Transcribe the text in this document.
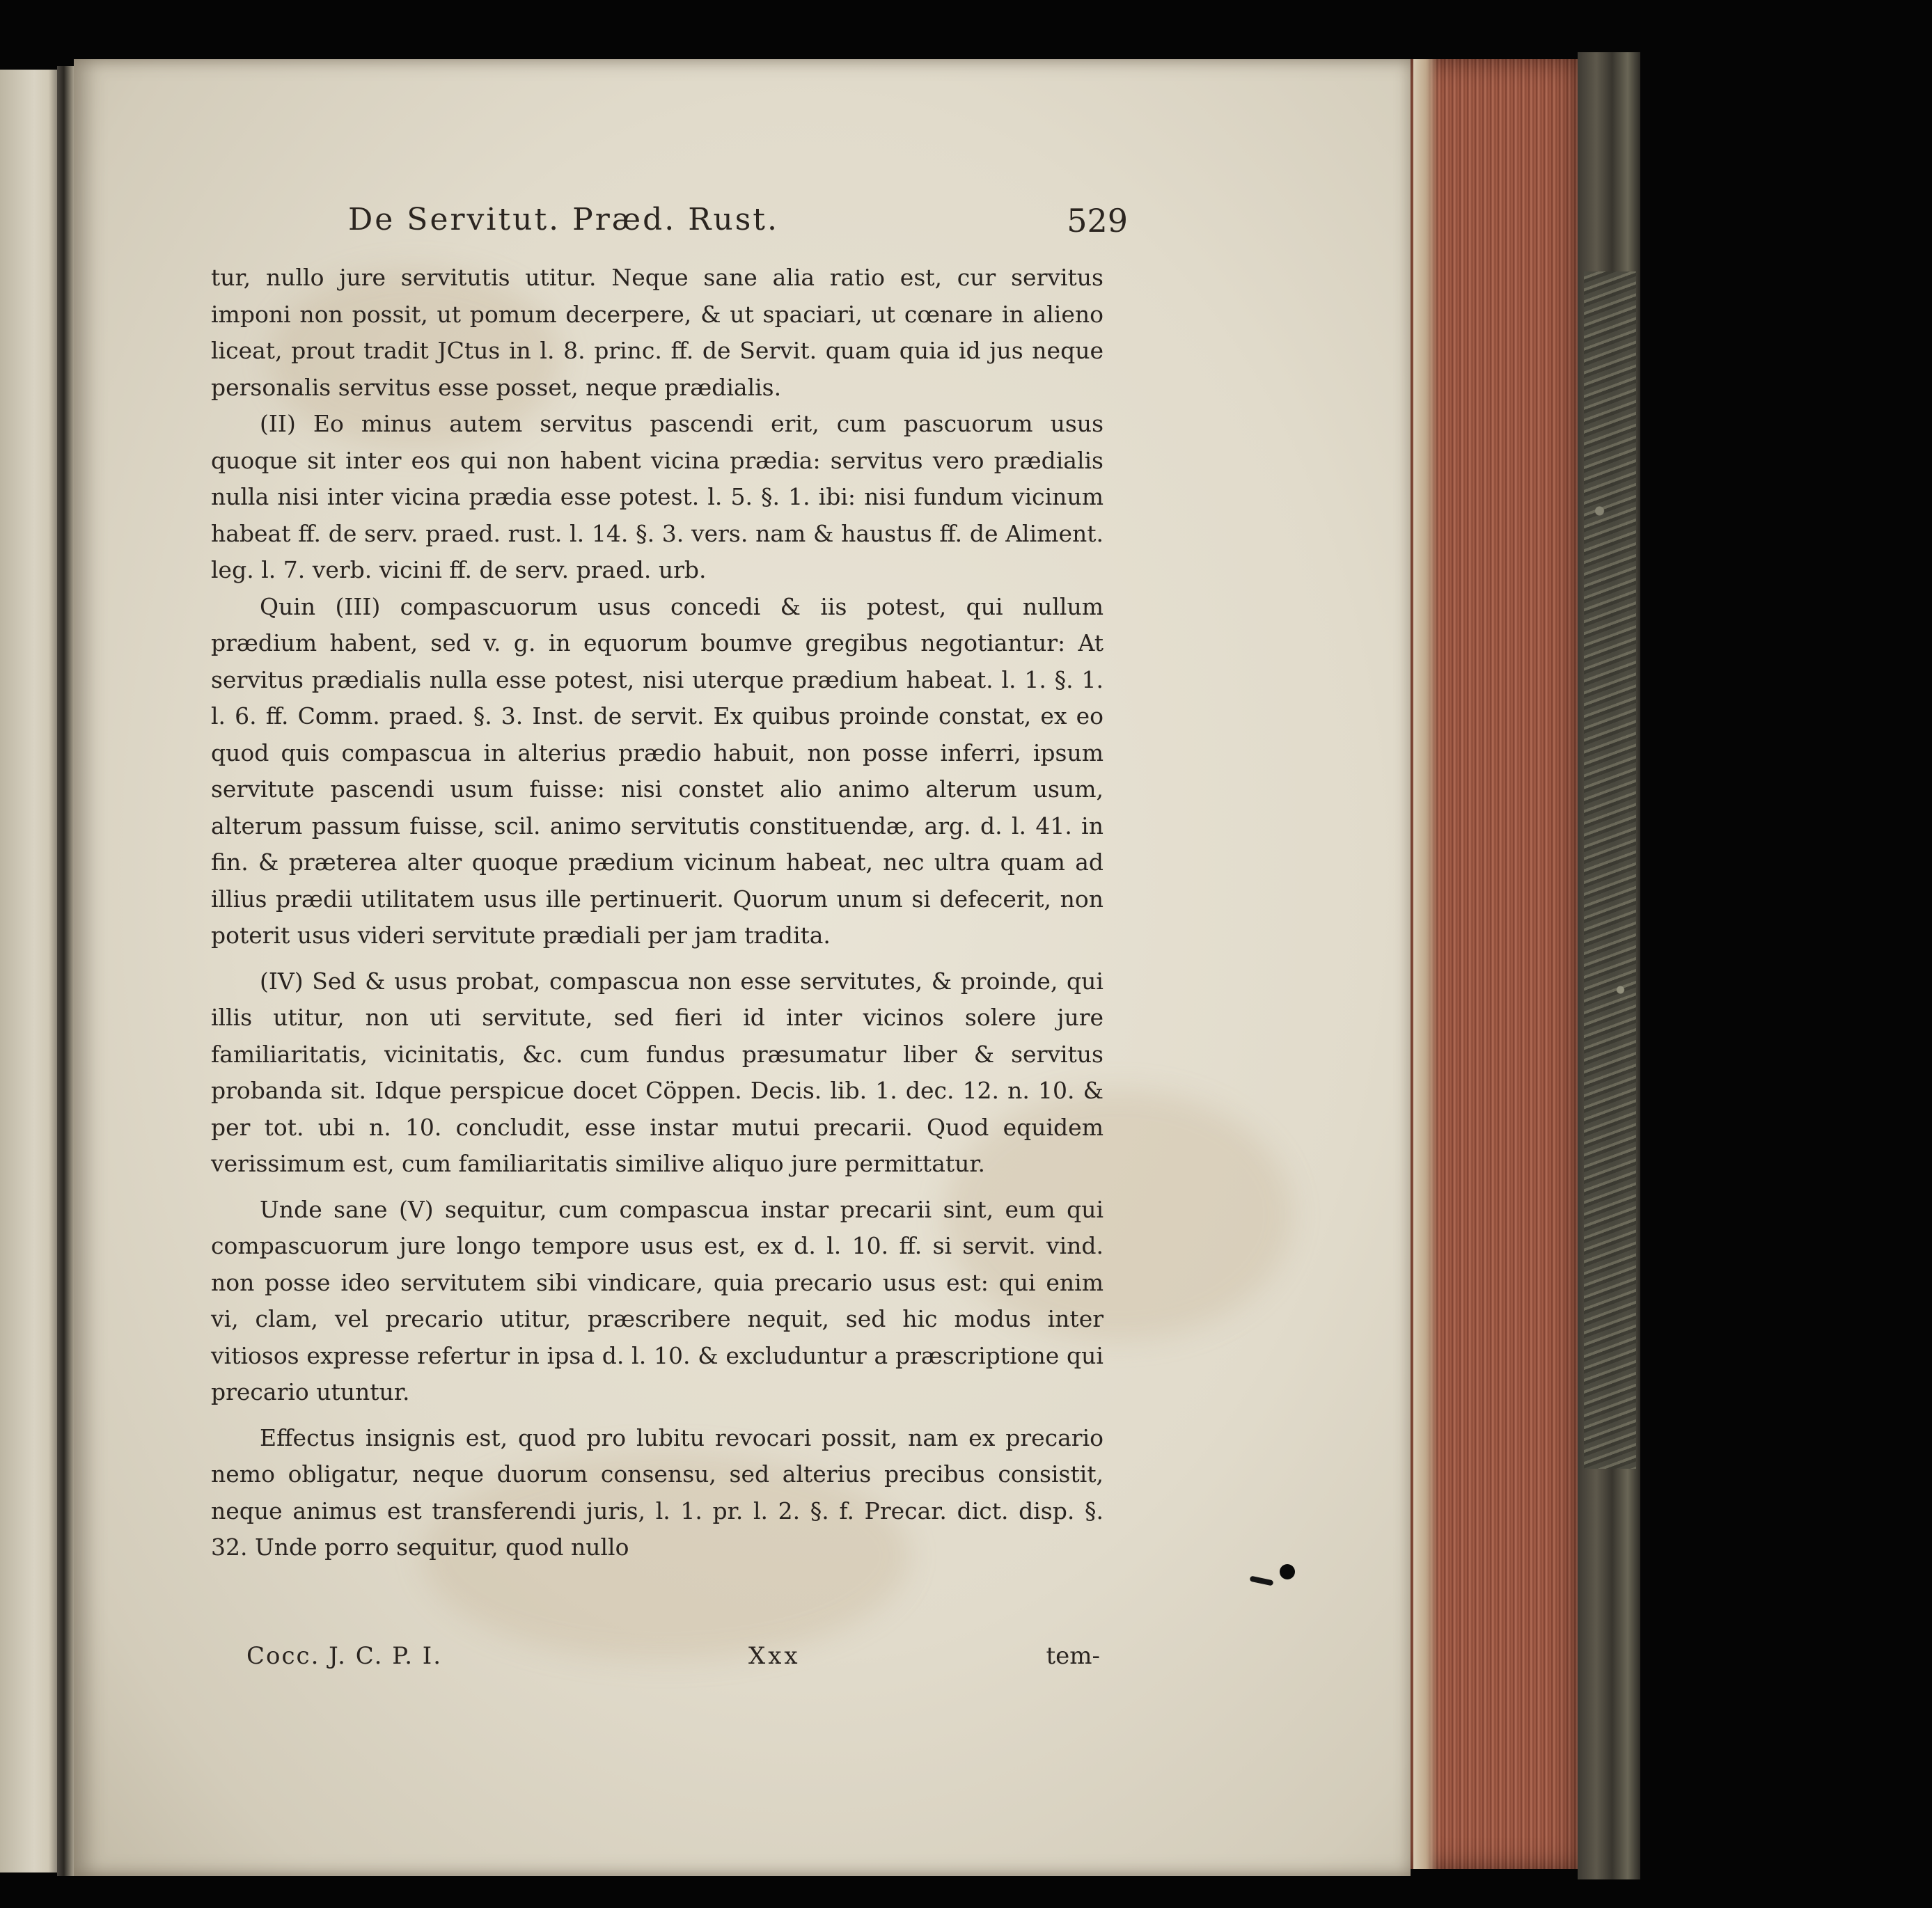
De Servitut. Præd. Rust.	529

tur, nullo jure servitutis utitur. Neque sane alia ratio est, cur servitus imponi non possit, ut pomum decerpere, & ut spaciari, ut cœnare in alieno liceat, prout tradit JCtus in l. 8. princ. ff. de Servit. quam quia id jus neque personalis servitus esse posset, neque prædialis.

(II) Eo minus autem servitus pascendi erit, cum pascuorum usus quoque sit inter eos qui non habent vicina prædia: servitus vero prædialis nulla nisi inter vicina prædia esse potest. l. 5. §. 1. ibi: nisi fundum vicinum habeat ff. de serv. praed. rust. l. 14. §. 3. vers. nam & haustus ff. de Aliment. leg. l. 7. verb. vicini ff. de serv. praed. urb.

Quin (III) compascuorum usus concedi & iis potest, qui nullum prædium habent, sed v. g. in equorum boumve gregibus negotiantur: At servitus prædialis nulla esse potest, nisi uterque prædium habeat. l. 1. §. 1. l. 6. ff. Comm. praed. §. 3. Inst. de servit. Ex quibus proinde constat, ex eo quod quis compascua in alterius prædio habuit, non posse inferri, ipsum servitute pascendi usum fuisse: nisi constet alio animo alterum usum, alterum passum fuisse, scil. animo servitutis constituendæ, arg. d. l. 41. in fin. & præterea alter quoque prædium vicinum habeat, nec ultra quam ad illius prædii utilitatem usus ille pertinuerit. Quorum unum si defecerit, non poterit usus videri servitute prædiali per jam tradita.

(IV) Sed & usus probat, compascua non esse servitutes, & proinde, qui illis utitur, non uti servitute, sed fieri id inter vicinos solere jure familiaritatis, vicinitatis, &c. cum fundus præsumatur liber & servitus probanda sit. Idque perspicue docet Cöppen. Decis. lib. 1. dec. 12. n. 10. & per tot. ubi n. 10. concludit, esse instar mutui precarii. Quod equidem verissimum est, cum familiaritatis similive aliquo jure permittatur.

Unde sane (V) sequitur, cum compascua instar precarii sint, eum qui compascuorum jure longo tempore usus est, ex d. l. 10. ff. si servit. vind. non posse ideo servitutem sibi vindicare, quia precario usus est: qui enim vi, clam, vel precario utitur, præscribere nequit, sed hic modus inter vitiosos expresse refertur in ipsa d. l. 10. & excluduntur a præscriptione qui precario utuntur.

Effectus insignis est, quod pro lubitu revocari possit, nam ex precario nemo obligatur, neque duorum consensu, sed alterius precibus consistit, neque animus est transferendi juris, l. 1. pr. l. 2. §. f. Precar. dict. disp. §. 32. Unde porro sequitur, quod nullo

Cocc. J. C. P. I.	Xxx	tem-
